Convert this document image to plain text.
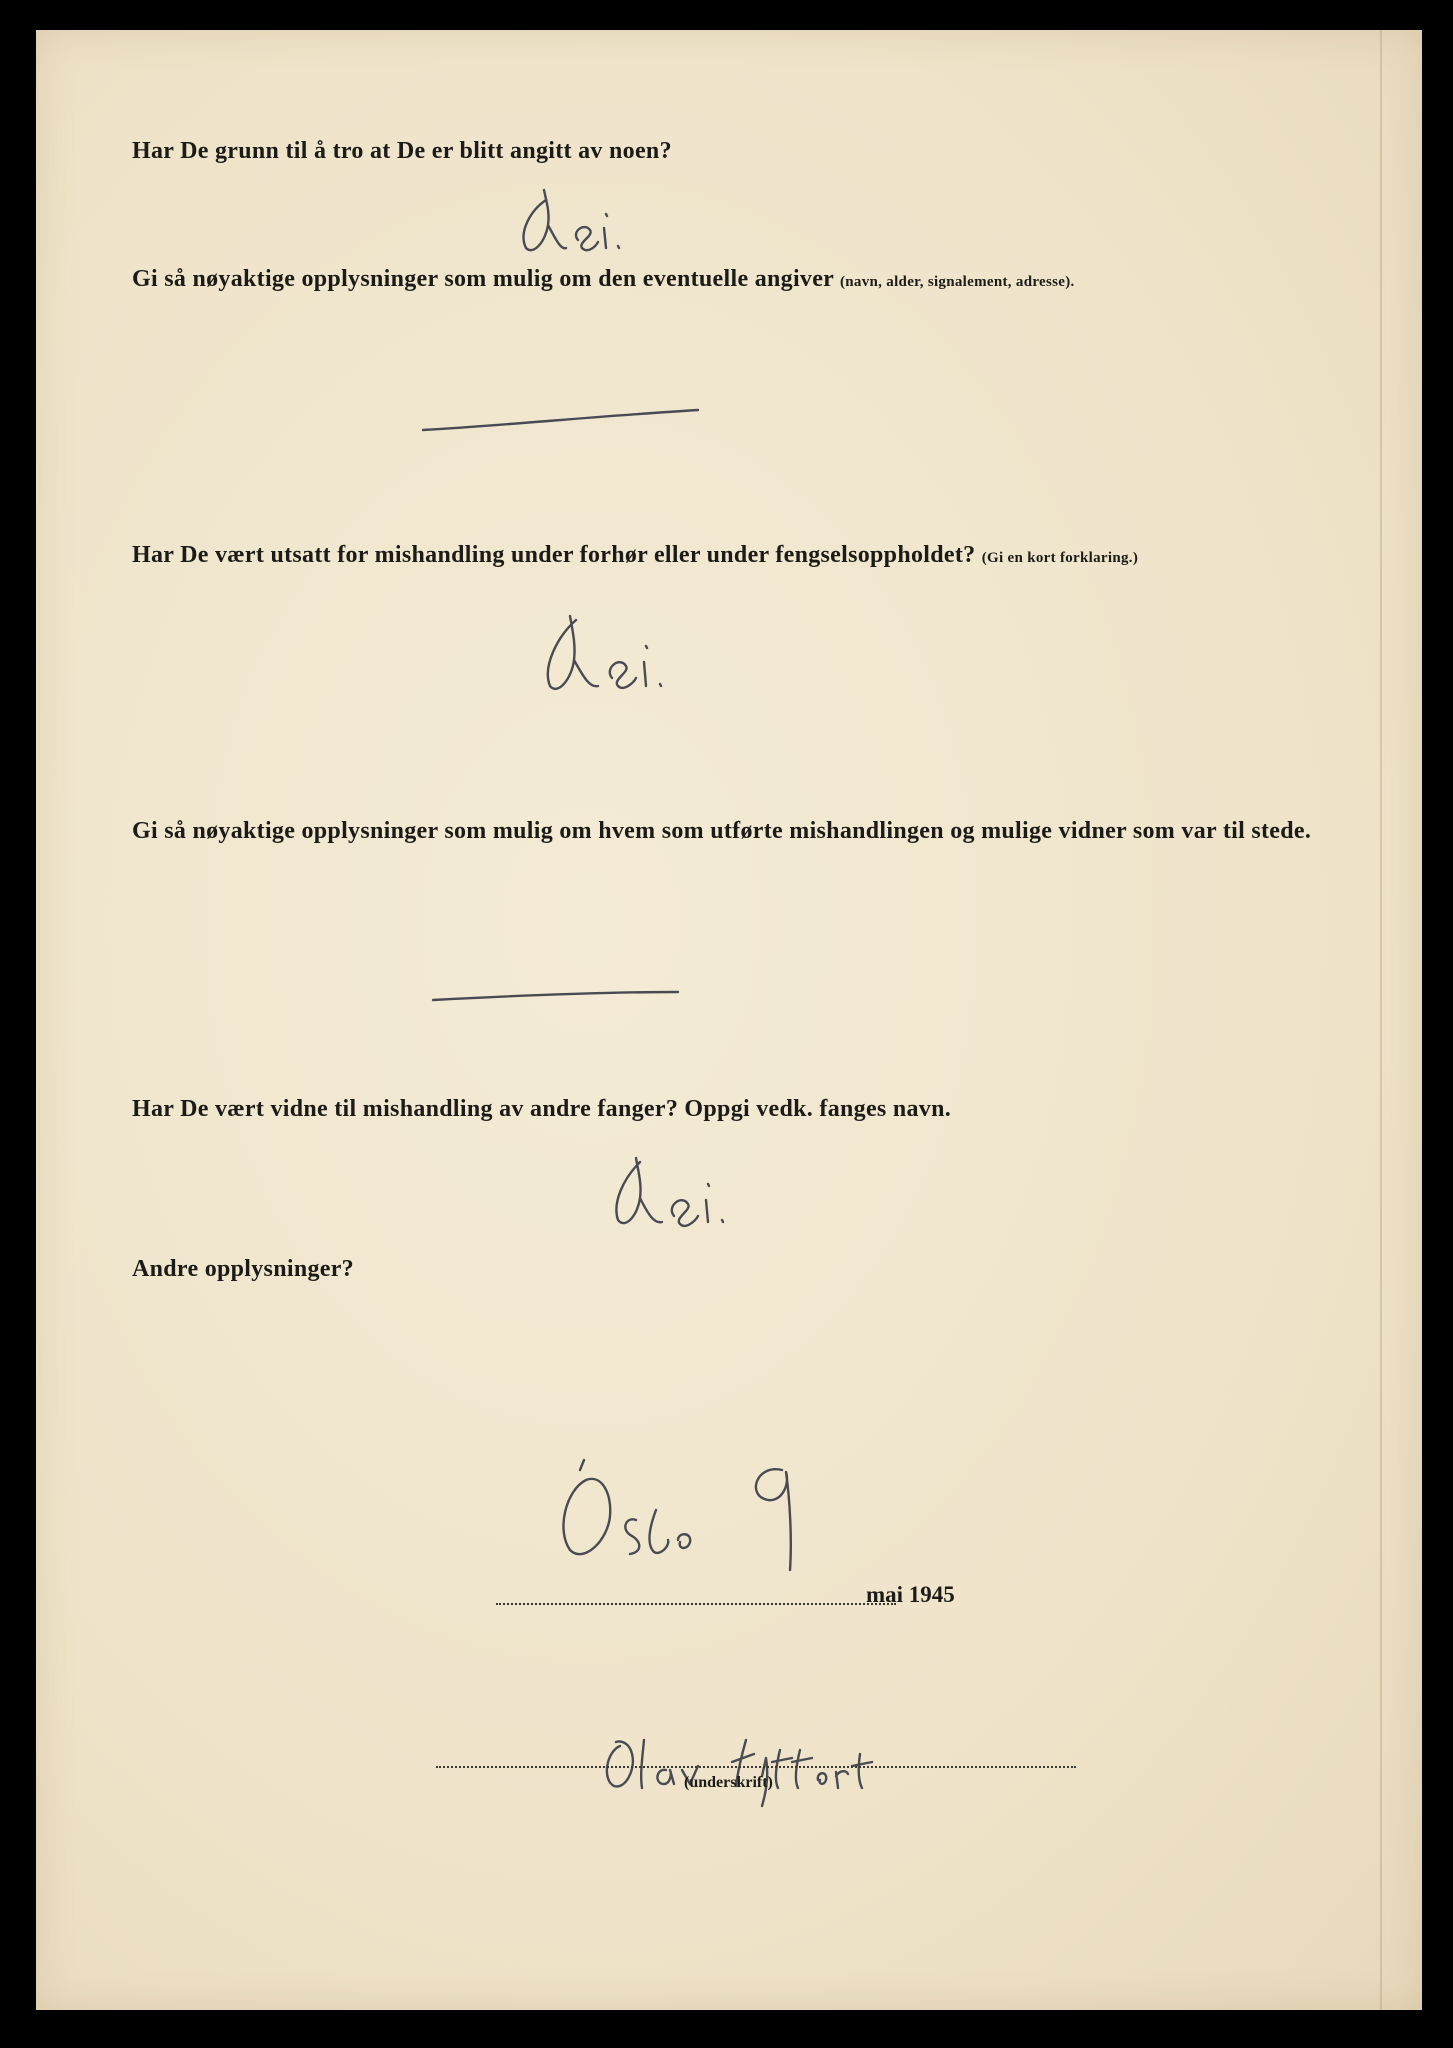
Har De grunn til å tro at De er blitt angitt av noen?

Gi så nøyaktige opplysninger som mulig om den eventuelle angiver (navn, alder, signalement, adresse).

Har De vært utsatt for mishandling under forhør eller under fengselsoppholdet? (Gi en kort forklaring.)

Gi så nøyaktige opplysninger som mulig om hvem som utførte mishandlingen og mulige vidner som var til stede.

Har De vært vidne til mishandling av andre fanger? Oppgi vedk. fanges navn.

Andre opplysninger?

mai 1945
(underskrift)
